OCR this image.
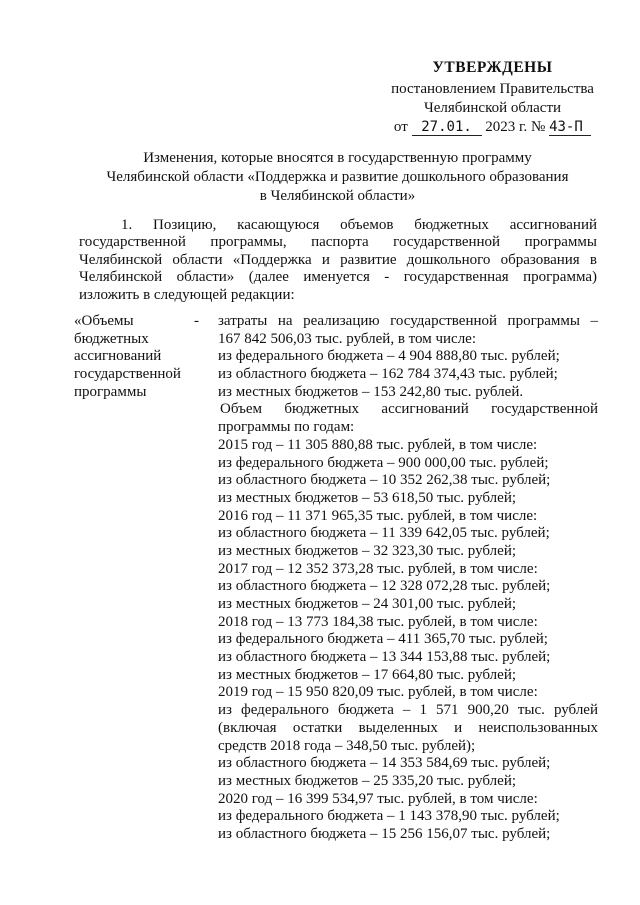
УТВЕРЖДЕНЫ
постановлением Правительства
Челябинской области
от 27.01. 2023 г. № 43-П
Изменения, которые вносятся в государственную программу
Челябинской области «Поддержка и развитие дошкольного образования
в Челябинской области»
1. Позицию, касающуюся объемов бюджетных ассигнований
государственной программы, паспорта государственной программы
Челябинской области «Поддержка и развитие дошкольного образования в
Челябинской области» (далее именуется - государственная программа)
изложить в следующей редакции:
«Объемы
бюджетных
ассигнований
государственной
программы
- затраты на реализацию государственной программы –
167 842 506,03 тыс. рублей, в том числе:
из федерального бюджета – 4 904 888,80 тыс. рублей;
из областного бюджета – 162 784 374,43 тыс. рублей;
из местных бюджетов – 153 242,80 тыс. рублей.
Объем бюджетных ассигнований государственной
программы по годам:
2015 год – 11 305 880,88 тыс. рублей, в том числе:
из федерального бюджета – 900 000,00 тыс. рублей;
из областного бюджета – 10 352 262,38 тыс. рублей;
из местных бюджетов – 53 618,50 тыс. рублей;
2016 год – 11 371 965,35 тыс. рублей, в том числе:
из областного бюджета – 11 339 642,05 тыс. рублей;
из местных бюджетов – 32 323,30 тыс. рублей;
2017 год – 12 352 373,28 тыс. рублей, в том числе:
из областного бюджета – 12 328 072,28 тыс. рублей;
из местных бюджетов – 24 301,00 тыс. рублей;
2018 год – 13 773 184,38 тыс. рублей, в том числе:
из федерального бюджета – 411 365,70 тыс. рублей;
из областного бюджета – 13 344 153,88 тыс. рублей;
из местных бюджетов – 17 664,80 тыс. рублей;
2019 год – 15 950 820,09 тыс. рублей, в том числе:
из федерального бюджета – 1 571 900,20 тыс. рублей
(включая остатки выделенных и неиспользованных
средств 2018 года – 348,50 тыс. рублей);
из областного бюджета – 14 353 584,69 тыс. рублей;
из местных бюджетов – 25 335,20 тыс. рублей;
2020 год – 16 399 534,97 тыс. рублей, в том числе:
из федерального бюджета – 1 143 378,90 тыс. рублей;
из областного бюджета – 15 256 156,07 тыс. рублей;
